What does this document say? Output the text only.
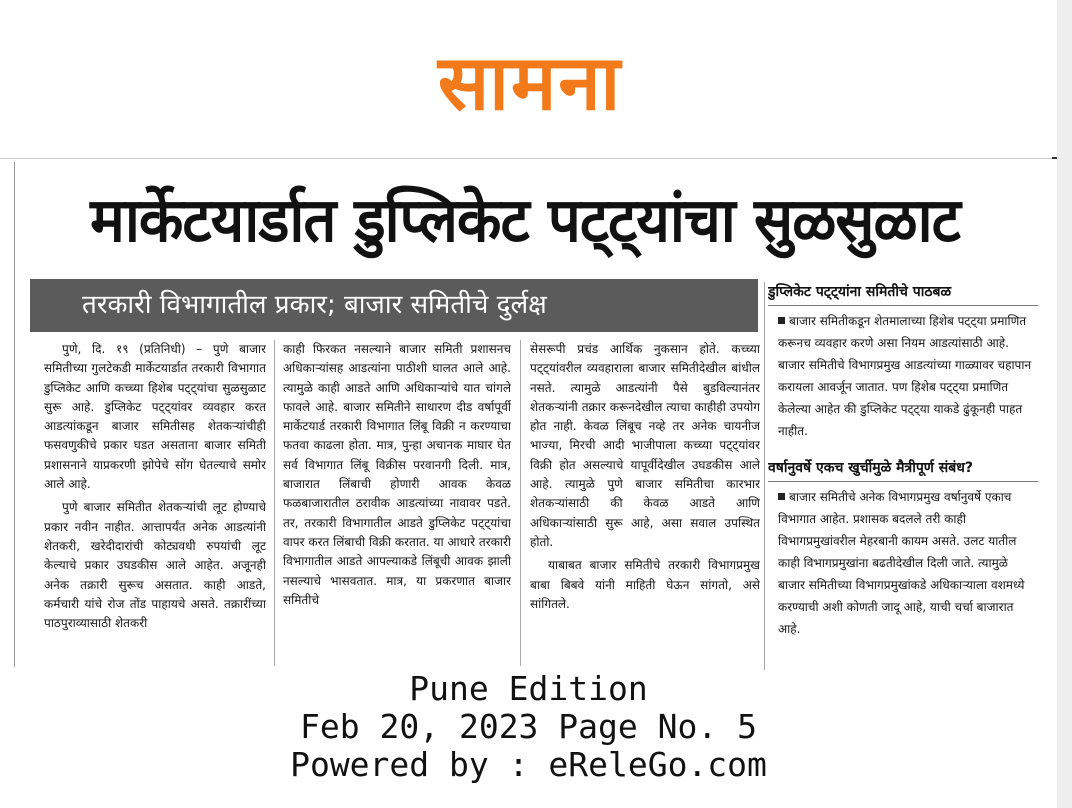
सामना
मार्केटयार्डात डुप्लिकेट पट्ट्यांचा सुळसुळाट
तरकारी विभागातील प्रकार; बाजार समितीचे दुर्लक्ष

पुणे, दि. १९ (प्रतिनिधी) – पुणे बाजार समितीच्या गुलटेकडी मार्केटयार्डात तरकारी विभागात डुप्लिकेट आणि कच्च्या हिशेब पट्ट्यांचा सुळसुळाट सुरू आहे. डुप्लिकेट पट्ट्यांवर व्यवहार करत आडत्यांकडून बाजार समितीसह शेतकऱ्यांचीही फसवणुकीचे प्रकार घडत असताना बाजार समिती प्रशासनाने याप्रकरणी झोपेचे सोंग घेतल्याचे समोर आले आहे.

पुणे बाजार समितीत शेतकऱ्यांची लूट होण्याचे प्रकार नवीन नाहीत. आत्तापर्यंत अनेक आडत्यांनी शेतकरी, खरेदीदारांची कोट्यवधी रुपयांची लूट केल्याचे प्रकार उघडकीस आले आहेत. अजूनही अनेक तक्रारी सुरूच असतात. काही आडते, कर्मचारी यांचे रोज तोंड पाहायचे असते. तक्रारींच्या पाठपुराव्यासाठी शेतकरी

काही फिरकत नसल्याने बाजार समिती प्रशासनच अधिकाऱ्यांसह आडत्यांना पाठीशी घालत आले आहे. त्यामुळे काही आडते आणि अधिकाऱ्यांचे यात चांगले फावले आहे. बाजार समितीने साधारण दीड वर्षापूर्वी मार्केटयार्ड तरकारी विभागात लिंबू विक्री न करण्याचा फतवा काढला होता. मात्र, पुन्हा अचानक माघार घेत सर्व विभागात लिंबू विक्रीस परवानगी दिली. मात्र, बाजारात लिंबाची होणारी आवक केवळ फळबाजारातील ठरावीक आडत्यांच्या नावावर पडते. तर, तरकारी विभागातील आडते डुप्लिकेट पट्ट्यांचा वापर करत लिंबाची विक्री करतात. या आधारे तरकारी विभागातील आडते आपल्याकडे लिंबूची आवक झाली नसल्याचे भासवतात. मात्र, या प्रकरणात बाजार समितीचे

सेसरूपी प्रचंड आर्थिक नुकसान होते. कच्च्या पट्ट्यांवरील व्यवहाराला बाजार समितीदेखील बांधील नसते. त्यामुळे आडत्यांनी पैसे बुडविल्यानंतर शेतकऱ्यांनी तक्रार करूनदेखील त्याचा काहीही उपयोग होत नाही. केवळ लिंबूच नव्हे तर अनेक चायनीज भाज्या, मिरची आदी भाजीपाला कच्च्या पट्ट्यांवर विक्री होत असल्याचे यापूर्वीदेखील उघडकीस आले आहे. त्यामुळे पुणे बाजार समितीचा कारभार शेतकऱ्यांसाठी की केवळ आडते आणि अधिकाऱ्यांसाठी सुरू आहे, असा सवाल उपस्थित होतो.

याबाबत बाजार समितीचे तरकारी विभागप्रमुख बाबा बिबवे यांनी माहिती घेऊन सांगतो, असे सांगितले.

डुप्लिकेट पट्ट्यांना समितीचे पाठबळ

बाजार समितीकडून शेतमालाच्या हिशेब पट्ट्या प्रमाणित करूनच व्यवहार करणे असा नियम आडत्यांसाठी आहे. बाजार समितीचे विभागप्रमुख आडत्यांच्या गाळ्यावर चहापान करायला आवर्जून जातात. पण हिशेब पट्ट्या प्रमाणित केलेल्या आहेत की डुप्लिकेट पट्ट्या याकडे ढुंकूनही पाहत नाहीत.

वर्षानुवर्षे एकच खुर्चीमुळे मैत्रीपूर्ण संबंध?

बाजार समितीचे अनेक विभागप्रमुख वर्षानुवर्षे एकाच विभागात आहेत. प्रशासक बदलले तरी काही विभागप्रमुखांवरील मेहरबानी कायम असते. उलट यातील काही विभागप्रमुखांना बढतीदेखील दिली जाते. त्यामुळे बाजार समितीच्या विभागप्रमुखांकडे अधिकाऱ्याला वशमध्ये करण्याची अशी कोणती जादू आहे, याची चर्चा बाजारात आहे.

Pune Edition
Feb 20, 2023 Page No. 5
Powered by : eReleGo.com
